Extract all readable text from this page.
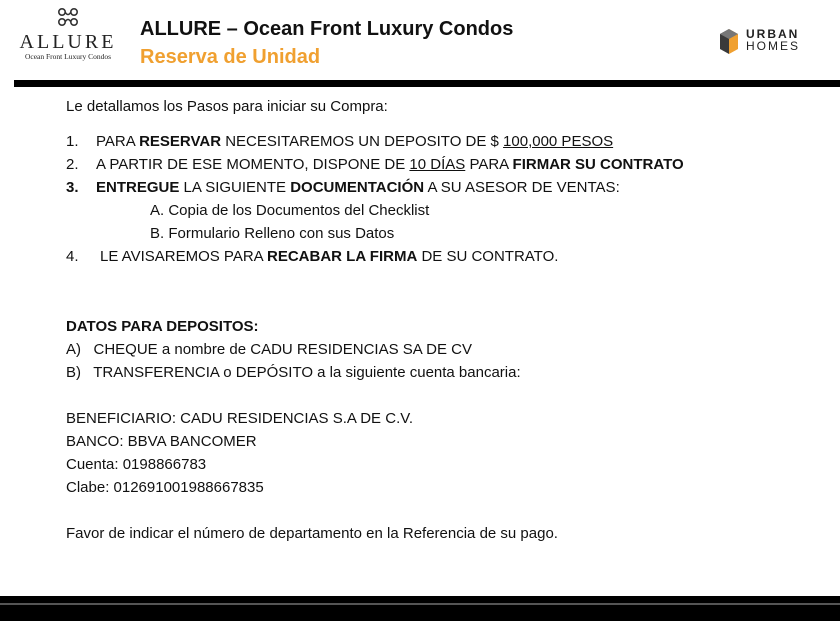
ALLURE
Ocean Front Luxury Condos
ALLURE – Ocean Front Luxury Condos
Reserva de Unidad
URBAN
HOMES

Le detallamos los Pasos para iniciar su Compra:

1. PARA RESERVAR NECESITAREMOS UN DEPOSITO DE $ 100,000 PESOS

2. A PARTIR DE ESE MOMENTO, DISPONE DE 10 DÍAS PARA FIRMAR SU CONTRATO

3. ENTREGUE LA SIGUIENTE DOCUMENTACIÓN A SU ASESOR DE VENTAS:

A. Copia de los Documentos del Checklist

B. Formulario Relleno con sus Datos

4. LE AVISAREMOS PARA RECABAR LA FIRMA DE SU CONTRATO.

DATOS PARA DEPOSITOS:

A)   CHEQUE a nombre de CADU RESIDENCIAS SA DE CV

B)   TRANSFERENCIA o DEPÓSITO a la siguiente cuenta bancaria:

BENEFICIARIO: CADU RESIDENCIAS S.A DE C.V.

BANCO: BBVA BANCOMER

Cuenta: 0198866783

Clabe: 012691001988667835

Favor de indicar el número de departamento en la Referencia de su pago.
